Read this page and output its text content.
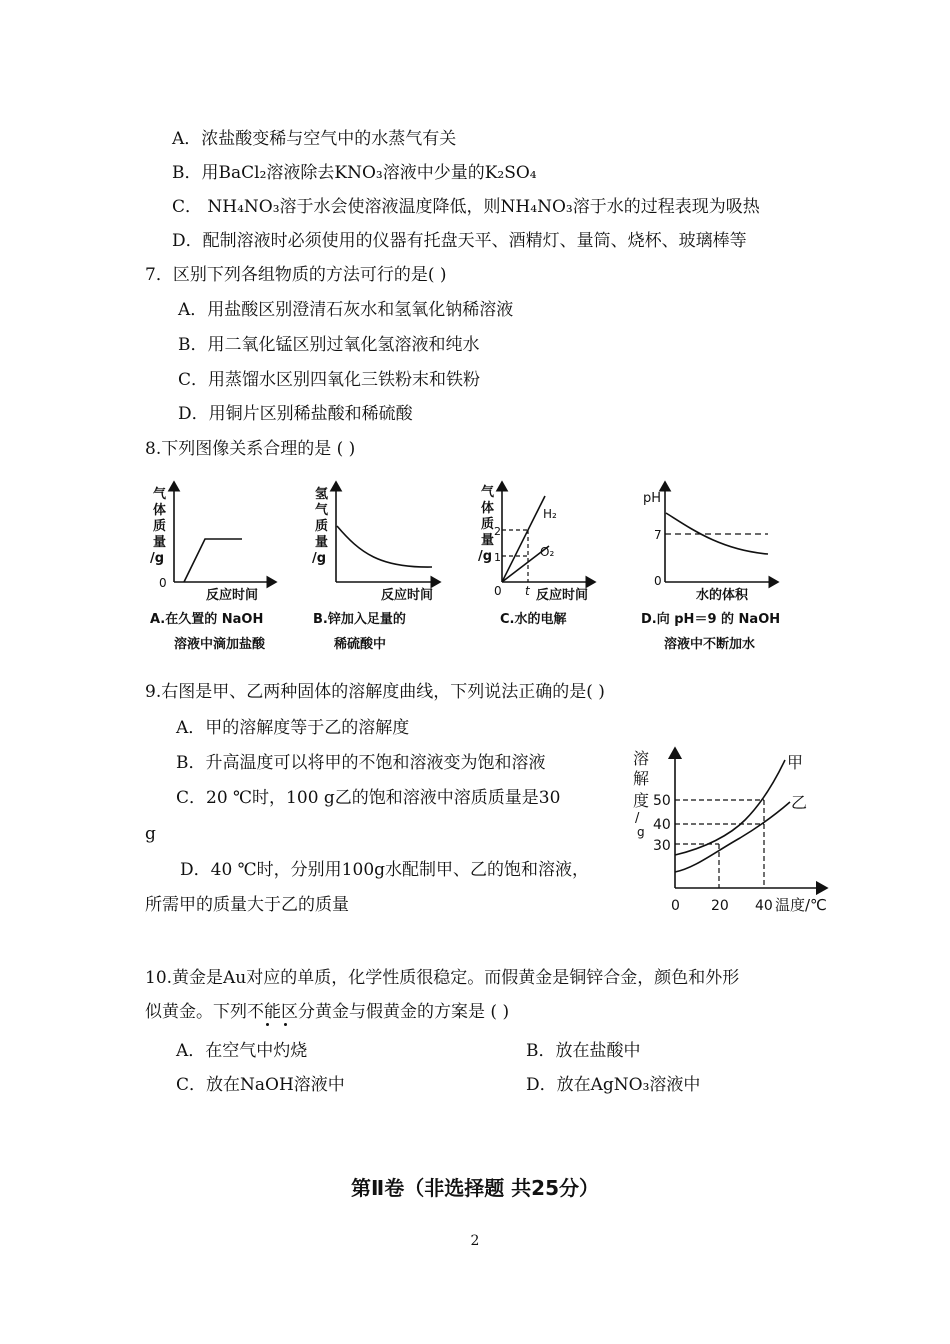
A．浓盐酸变稀与空气中的水蒸气有关
B．用BaCl₂溶液除去KNO₃溶液中少量的K₂SO₄
C． NH₄NO₃溶于水会使溶液温度降低，则NH₄NO₃溶于水的过程表现为吸热
D．配制溶液时必须使用的仪器有托盘天平、酒精灯、量筒、烧杯、玻璃棒等
7．区别下列各组物质的方法可行的是( )
A．用盐酸区别澄清石灰水和氢氧化钠稀溶液
B．用二氧化锰区别过氧化氢溶液和纯水
C．用蒸馏水区别四氧化三铁粉末和铁粉
D．用铜片区别稀盐酸和稀硫酸
8.下列图像关系合理的是 ( )
气
体
质
量
/g
0
反应时间
A.在久置的 NaOH
溶液中滴加盐酸
氢
气
质
量
/g
反应时间
B.锌加入足量的
稀硫酸中
气
体
质
量
/g
2
1
0 t
H₂
O₂
反应时间
C.水的电解
pH
7
0
水的体积
D.向 pH＝9 的 NaOH
溶液中不断加水
9.右图是甲、乙两种固体的溶解度曲线，下列说法正确的是( )
A．甲的溶解度等于乙的溶解度
B．升高温度可以将甲的不饱和溶液变为饱和溶液
C．20 ℃时，100 g乙的饱和溶液中溶质质量是30
g
D．40 ℃时，分别用100g水配制甲、乙的饱和溶液，
所需甲的质量大于乙的质量
溶
解
度
/
g
50
40
30
0 20 40 温度/℃
甲
乙
10.黄金是Au对应的单质，化学性质很稳定。而假黄金是铜锌合金，颜色和外形
似黄金。下列不能区分黄金与假黄金的方案是 ( )
A．在空气中灼烧	B．放在盐酸中
C．放在NaOH溶液中	D．放在AgNO₃溶液中
第Ⅱ卷（非选择题 共25分）
2
